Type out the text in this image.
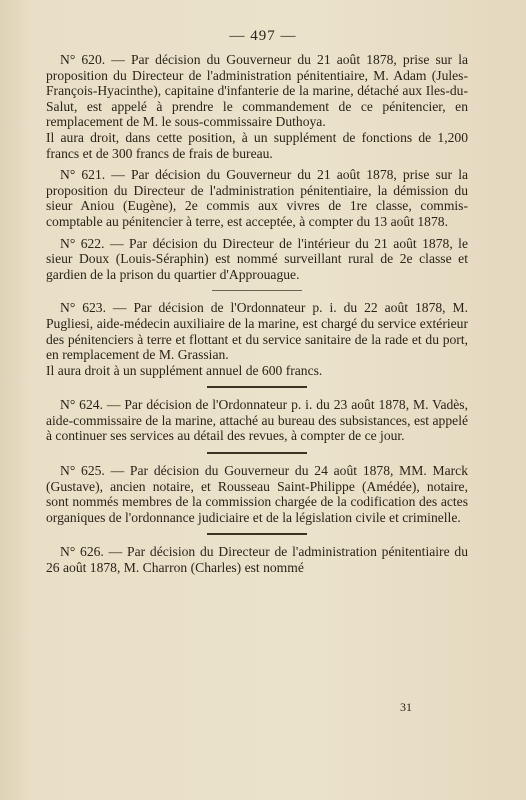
— 497 —

N° 620. — Par décision du Gouverneur du 21 août 1878, prise sur la proposition du Directeur de l'administration pénitentiaire, M. Adam (Jules-François-Hyacinthe), capitaine d'infanterie de la marine, détaché aux Iles-du-Salut, est appelé à prendre le commandement de ce pénitencier, en remplacement de M. le sous-commissaire Duthoya.

Il aura droit, dans cette position, à un supplément de fonctions de 1,200 francs et de 300 francs de frais de bureau.

N° 621. — Par décision du Gouverneur du 21 août 1878, prise sur la proposition du Directeur de l'administration pénitentiaire, la démission du sieur Aniou (Eugène), 2e commis aux vivres de 1re classe, commis-comptable au pénitencier à terre, est acceptée, à compter du 13 août 1878.

N° 622. — Par décision du Directeur de l'intérieur du 21 août 1878, le sieur Doux (Louis-Séraphin) est nommé surveillant rural de 2e classe et gardien de la prison du quartier d'Approuague.

N° 623. — Par décision de l'Ordonnateur p. i. du 22 août 1878, M. Pugliesi, aide-médecin auxiliaire de la marine, est chargé du service extérieur des pénitenciers à terre et flottant et du service sanitaire de la rade et du port, en remplacement de M. Grassian.

Il aura droit à un supplément annuel de 600 francs.

N° 624. — Par décision de l'Ordonnateur p. i. du 23 août 1878, M. Vadès, aide-commissaire de la marine, attaché au bureau des subsistances, est appelé à continuer ses services au détail des revues, à compter de ce jour.

N° 625. — Par décision du Gouverneur du 24 août 1878, MM. Marck (Gustave), ancien notaire, et Rousseau Saint-Philippe (Amédée), notaire, sont nommés membres de la commission chargée de la codification des actes organiques de l'ordonnance judiciaire et de la législation civile et criminelle.

N° 626. — Par décision du Directeur de l'administration pénitentiaire du 26 août 1878, M. Charron (Charles) est nommé

31
